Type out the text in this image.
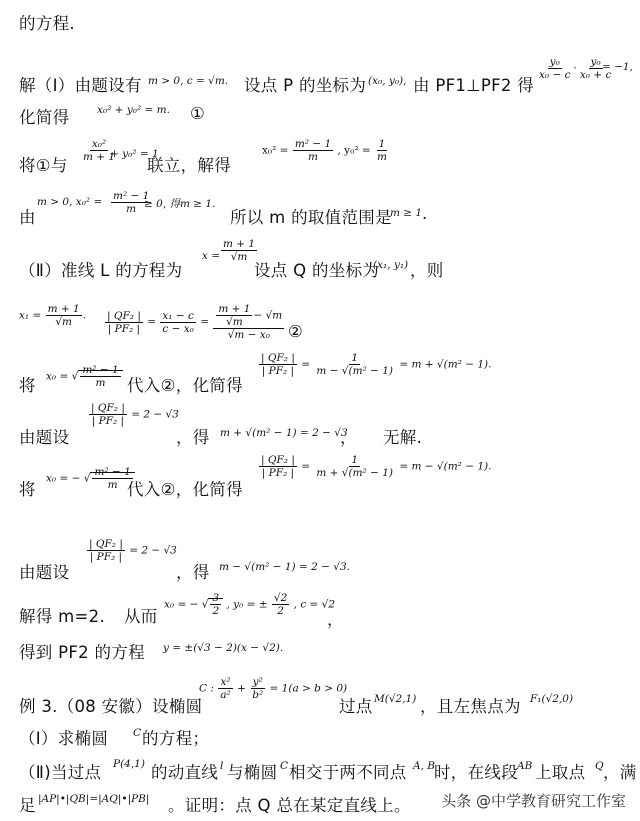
的方程.
解（Ⅰ）由题设有 m > 0, c = √m. 设点 P 的坐标为 (x₀, y₀), 由 PF1⊥PF2 得
$\frac{\text{y₀}}{\text{x₀ − c}} \cdot \frac{\text{y₀}}{\text{x₀ + c}}$
= −1,
化简得	x₀² + y₀² = m. ①
将①与
$\frac{\text{x₀²}}{m + 1}$
+ y₀² = 1
联立，解得
$x_0^2 = \frac{\text{m² − 1}}{m}$ , $y_0^2 = \frac{1}{m}$
由
m > 0, $x_0^2 = \frac{\text{m² − 1}}{m}$
≥ 0, 得m ≥ 1.
所以 m 的取值范围是
m ≥ 1 .
（Ⅱ）准线 L 的方程为
$x = \frac{m + 1}{√m}$
设点 Q 的坐标为
(x₁, y₁) ，则
$x_1 = \frac{m + 1}{√m}$ . $\frac{\text{| QF₂ |}}{\text{| PF₂ |}} = \frac{\text{x₁ − c}}{\text{c − x₀}} = \frac{\frac{m + 1}{√m} - √m}{\text{√m − x₀}}$ ②
将 x₀ = √ $\frac{\text{m² − 1}}{m}$ 代入②，化简得
$\frac{\text{| QF₂ |}}{\text{| PF₂ |}} = \frac{1}{\text{m − √(m² − 1)}} = m + √(m^2 - 1)$.
由题设
$\frac{\text{| QF₂ |}}{\text{| PF₂ |}} = 2 - √3$
，得 m + √(m² − 1) = 2 − √3
， 无解.
将
x₀ = − √ $\frac{\text{m² − 1}}{m}$
代入②，化简得
$\frac{\text{| QF₂ |}}{\text{| PF₂ |}} = \frac{1}{\text{m + √(m² − 1)}} = m - √(m^2 - 1)$.
由题设
$\frac{\text{| QF₂ |}}{\text{| PF₂ |}} = 2 - √3$
，得 m − √(m² − 1) = 2 − √3.
解得 m=2. 从而
x₀ = − √ $\frac{3}{2}$ , y₀ = ± $\frac{√2}{2}$ , c = √2
，
得到 PF2 的方程 y = ±(√3 − 2)(x − √2).
例 3.（08 安徽）设椭圆
C : $\frac{\text{x²}}{\text{a²}} + \frac{\text{y²}}{\text{b²}} = 1(a > b > 0)$
过点 M(√2,1) ，且左焦点为 F₁(√2,0)
（Ⅰ）求椭圆 C 的方程；
（Ⅱ)当过点 P(4,1) 的动直线 l 与椭圆 C 相交于两不同点 A, B 时，在线段 AB 上取点 Q ，满
足 |AP|•|QB|=|AQ|•|PB| 。证明：点 Q 总在某定直线上。 头条 @中学教育研究工作室
